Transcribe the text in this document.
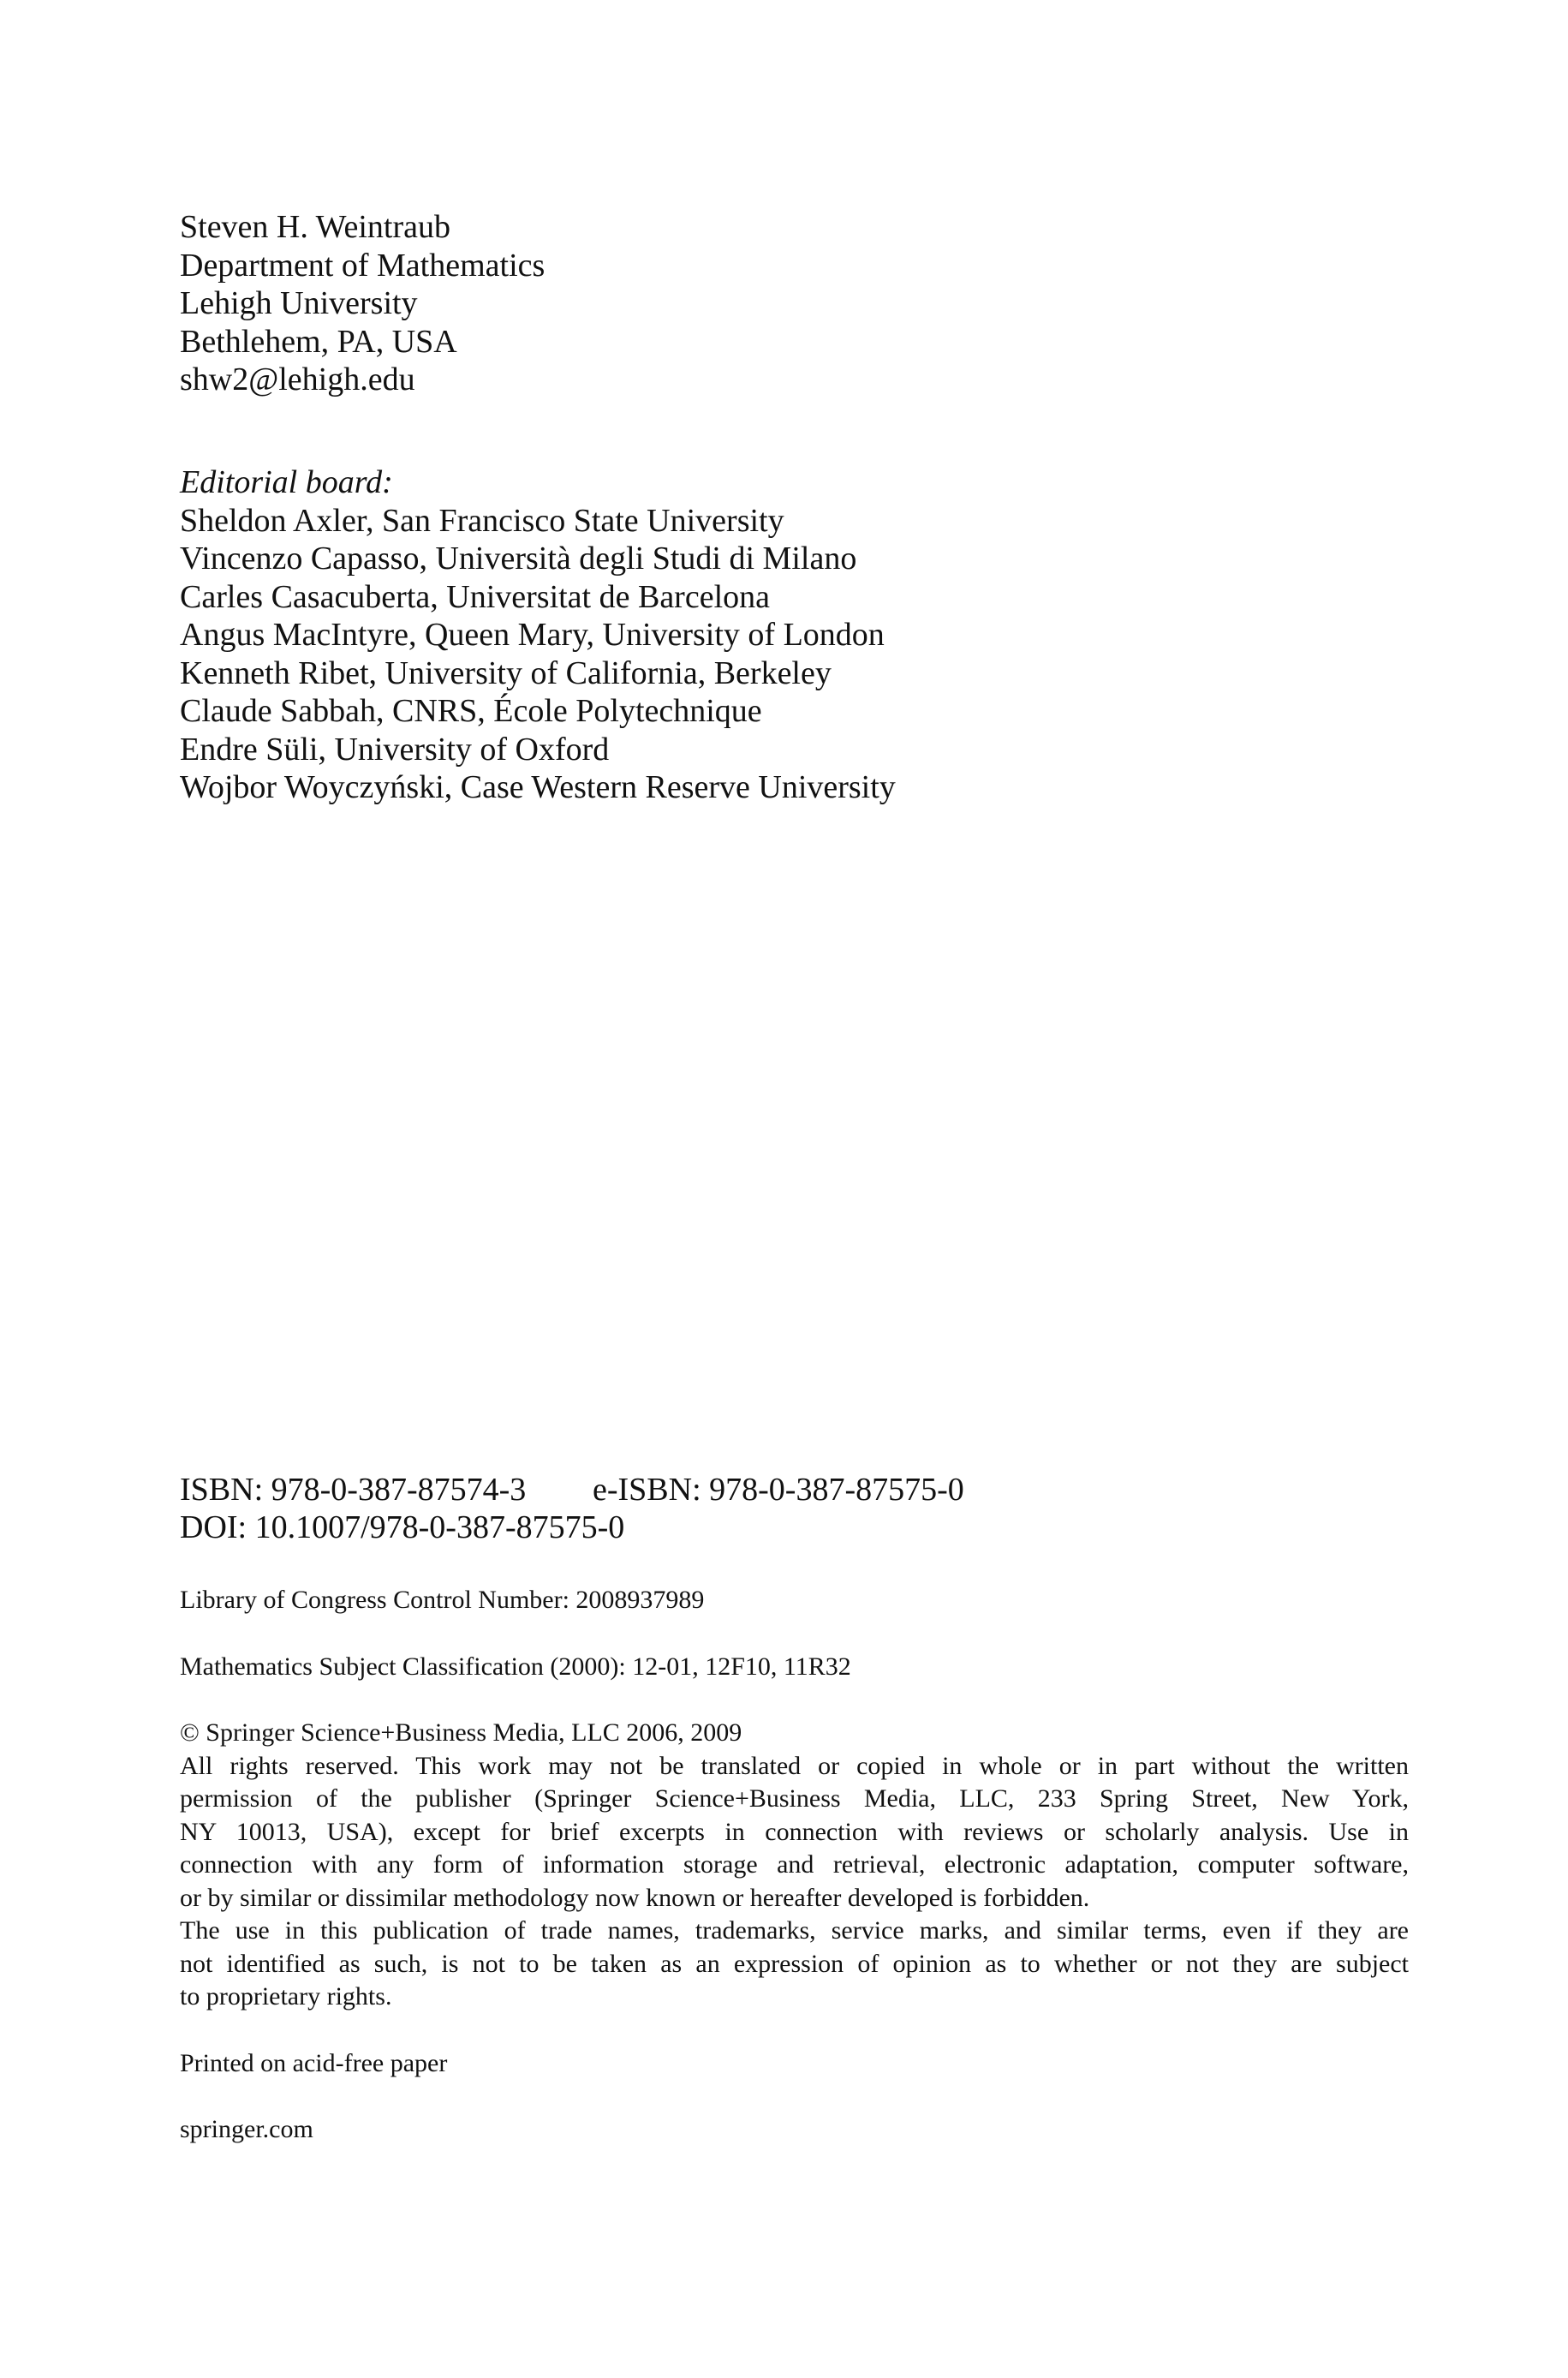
Steven H. Weintraub
Department of Mathematics
Lehigh University
Bethlehem, PA, USA
shw2@lehigh.edu
Editorial board:
Sheldon Axler, San Francisco State University
Vincenzo Capasso, Università degli Studi di Milano
Carles Casacuberta, Universitat de Barcelona
Angus MacIntyre, Queen Mary, University of London
Kenneth Ribet, University of California, Berkeley
Claude Sabbah, CNRS, École Polytechnique
Endre Süli, University of Oxford
Wojbor Woyczyński, Case Western Reserve University
ISBN: 978-0-387-87574-3 e-ISBN: 978-0-387-87575-0
DOI: 10.1007/978-0-387-87575-0
Library of Congress Control Number: 2008937989
Mathematics Subject Classification (2000): 12-01, 12F10, 11R32
© Springer Science+Business Media, LLC 2006, 2009
All rights reserved. This work may not be translated or copied in whole or in part without the written
permission of the publisher (Springer Science+Business Media, LLC, 233 Spring Street, New York,
NY 10013, USA), except for brief excerpts in connection with reviews or scholarly analysis. Use in
connection with any form of information storage and retrieval, electronic adaptation, computer software,
or by similar or dissimilar methodology now known or hereafter developed is forbidden.
The use in this publication of trade names, trademarks, service marks, and similar terms, even if they are
not identified as such, is not to be taken as an expression of opinion as to whether or not they are subject
to proprietary rights.
Printed on acid-free paper
springer.com
